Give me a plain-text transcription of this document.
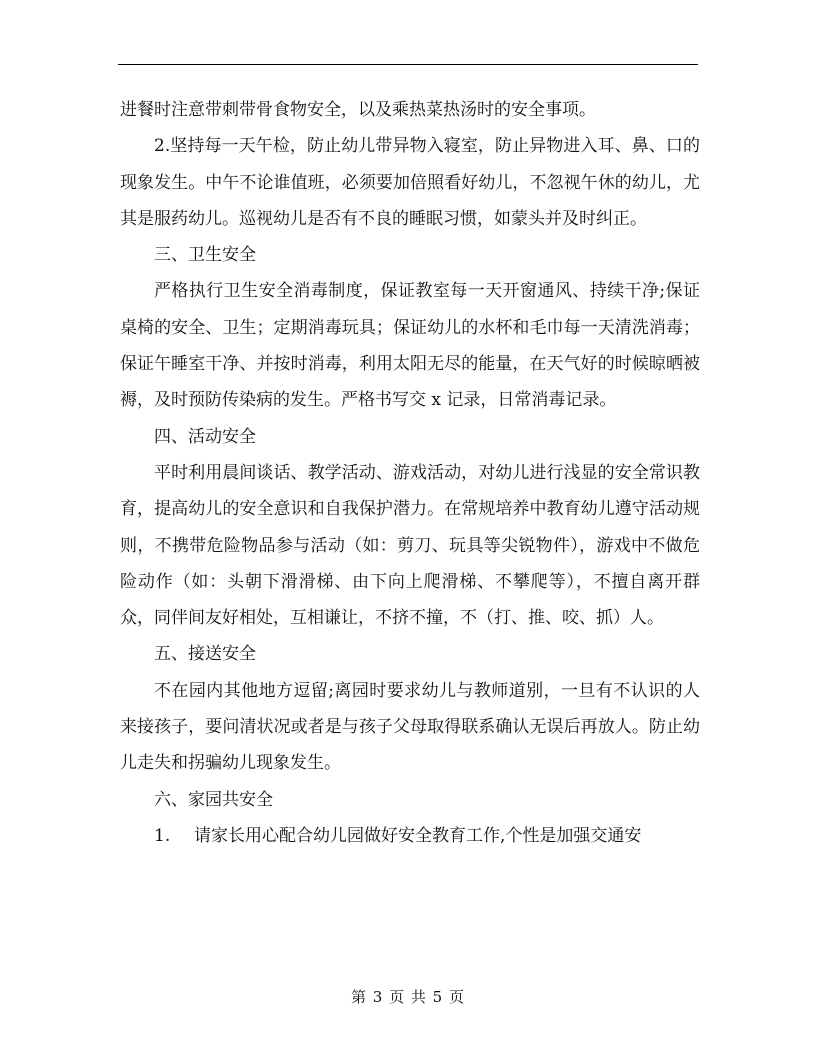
进餐时注意带刺带骨食物安全，以及乘热菜热汤时的安全事项。

2.坚持每一天午检，防止幼儿带异物入寝室，防止异物进入耳、鼻、口的现象发生。中午不论谁值班，必须要加倍照看好幼儿，不忽视午休的幼儿，尤其是服药幼儿。巡视幼儿是否有不良的睡眠习惯，如蒙头并及时纠正。

三、卫生安全

严格执行卫生安全消毒制度，保证教室每一天开窗通风、持续干净;保证桌椅的安全、卫生；定期消毒玩具；保证幼儿的水杯和毛巾每一天清洗消毒；保证午睡室干净、并按时消毒，利用太阳无尽的能量，在天气好的时候晾晒被褥，及时预防传染病的发生。严格书写交 x 记录，日常消毒记录。

四、活动安全

平时利用晨间谈话、教学活动、游戏活动，对幼儿进行浅显的安全常识教育，提高幼儿的安全意识和自我保护潜力。在常规培养中教育幼儿遵守活动规则，不携带危险物品参与活动（如：剪刀、玩具等尖锐物件），游戏中不做危险动作（如：头朝下滑滑梯、由下向上爬滑梯、不攀爬等），不擅自离开群众，同伴间友好相处，互相谦让，不挤不撞，不（打、推、咬、抓）人。

五、接送安全

不在园内其他地方逗留;离园时要求幼儿与教师道别，一旦有不认识的人来接孩子，要问清状况或者是与孩子父母取得联系确认无误后再放人。防止幼儿走失和拐骗幼儿现象发生。

六、家园共安全

1. 请家长用心配合幼儿园做好安全教育工作,个性是加强交通安

第 3 页 共 5 页
